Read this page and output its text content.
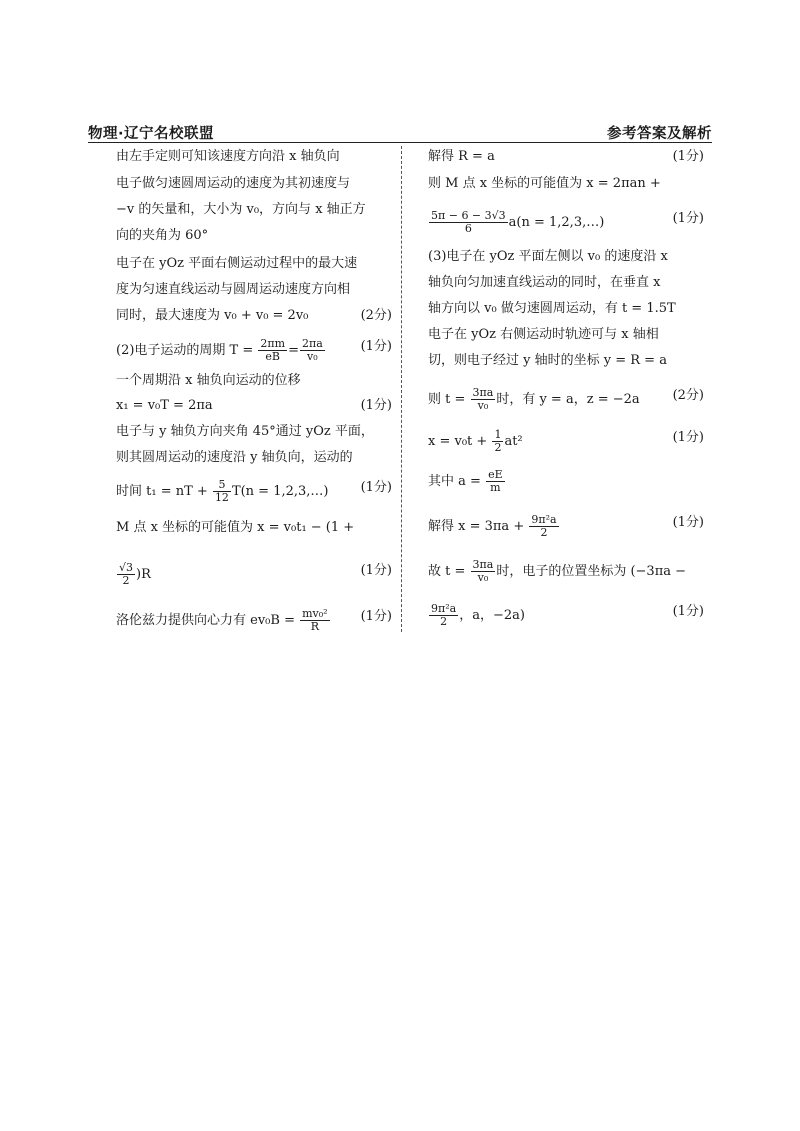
物理·辽宁名校联盟	参考答案及解析
由左手定则可知该速度方向沿 x 轴负向
电子做匀速圆周运动的速度为其初速度与
−v 的矢量和，大小为 v₀，方向与 x 轴正方
向的夹角为 60°
电子在 yOz 平面右侧运动过程中的最大速
度为匀速直线运动与圆周运动速度方向相
同时，最大速度为 v₀ + v₀ = 2v₀	(2分)
(2)电子运动的周期 $T = \frac{2\pi m}{eB} = \frac{2\pi a}{\text{v₀}}$	(1分)
一个周期沿 x 轴负向运动的位移
x₁ = v₀T = 2πa	(1分)
电子与 y 轴负方向夹角 45°通过 yOz 平面，
则其圆周运动的速度沿 y 轴负向，运动的
时间 t₁ = nT + $\frac{5}{12} T(n$ = 1,2,3,…) (1分)
M 点 x 坐标的可能值为 x = v₀t₁ − (1 +
$\frac{√3}{2} )R$	(1分)
洛伦兹力提供向心力有 $ev_0B = \frac{\text{mv₀²}}{R} (1$分)
解得 R = a	(1分)
则 M 点 x 坐标的可能值为 x = 2πan +
$\frac{5\pi - 6 - 3√3}{6} a(n$ = 1,2,3,…)	(1分)
(3)电子在 yOz 平面左侧以 v₀ 的速度沿 x
轴负向匀加速直线运动的同时，在垂直 x
轴方向以 v₀ 做匀速圆周运动，有 t = 1.5T
电子在 yOz 右侧运动时轨迹可与 x 轴相
切，则电子经过 y 轴时的坐标 y = R = a
则 $t = \frac{3\pi a}{\text{v₀}}$ 时，有 y = a，z = −2a	(2分)
$x = v_0t + \frac{1}{2} at^2$	(1分)
其中 $a = \frac{eE}{m}$
解得 $x = 3\pi a + \frac{\text{9π²a}}{2}$	(1分)
故 $t = \frac{3\pi a}{\text{v₀}}$ 时，电子的位置坐标为 (−3πa −
$\frac{\text{9π²a}}{2}$ ，a，−2a)	(1分)
